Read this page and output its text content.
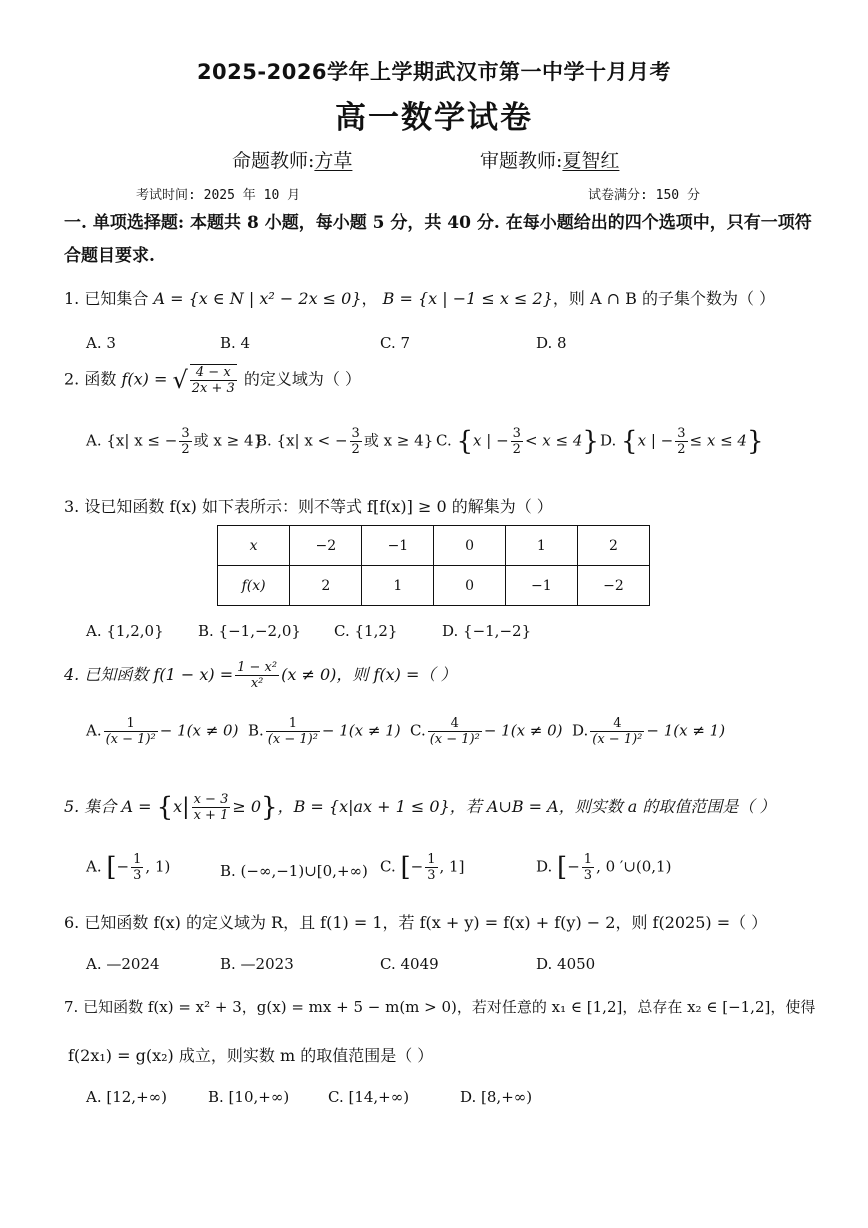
2025-2026学年上学期武汉市第一中学十月月考
高一数学试卷
命题教师:方草	审题教师:夏智红
考试时间: 2025 年 10 月	试卷满分: 150 分
一. 单项选择题: 本题共 8 小题，每小题 5 分，共 40 分. 在每小题给出的四个选项中，只有一项符合题目要求.
1. 已知集合 A = {x ∈ N | x² − 2x ≤ 0}， B = {x | −1 ≤ x ≤ 2}，则 A ∩ B 的子集个数为（ ）
A. 3	B. 4	C. 7	D. 8
2. 函数 f(x) = √ $\frac{4 - x}{2x + 3}$ 的定义域为（ ）
A. {x| x ≤ − $\frac{3}{2}$ 或 x ≥ 4}
B. {x| x < − $\frac{3}{2}$ 或 x ≥ 4} C. {x | − $\frac{3}{2} < x \le 4$} D. {x | − $\frac{3}{2} \le x \le 4$}
3. 设已知函数 f(x) 如下表所示：则不等式 f[f(x)] ≥ 0 的解集为（ ）
x	−2	−1	0	1	2
f(x)	2	1	0	−1	−2
A. {1,2,0} B. {−1,−2,0} C. {1,2}	D. {−1,−2}
4. 已知函数 $f(1 - x) = \frac{\text{1 − x²}}{\text{x²}} (x \ne 0)$，则 f(x) =（ ）
A. $\frac{1}{\text{(x − 1)²}} - 1(x \ne 0)$ B. $\frac{1}{\text{(x − 1)²}} - 1(x \ne 1)$ C. $\frac{4}{\text{(x − 1)²}} - 1(x \ne 0)$ D. $\frac{4}{\text{(x − 1)²}} - 1(x \ne 1)$
5. 集合 $A = \{x| \frac{x - 3}{x + 1} \ge 0\}$，B = {x|ax + 1 ≤ 0}，若 A∪B = A，则实数 a 的取值范围是（ ）
A. [− $\frac{1}{3}$ , 1)	B. (−∞,−1)∪[0,+∞) C. [− $\frac{1}{3}$ , 1]	D. [− $\frac{1}{3}$ , 0 ′∪(0,1)
6. 已知函数 f(x) 的定义域为 R，且 f(1) = 1，若 f(x + y) = f(x) + f(y) − 2，则 f(2025) =（ ）
A. —2024	B. —2023	C. 4049	D. 4050
7. 已知函数 f(x) = x² + 3，g(x) = mx + 5 − m(m > 0)，若对任意的 x₁ ∈ [1,2]，总存在 x₂ ∈ [−1,2]，使得
f(2x₁) = g(x₂) 成立，则实数 m 的取值范围是（ ）
A. [12,+∞)	B. [10,+∞)	C. [14,+∞)	D. [8,+∞)
